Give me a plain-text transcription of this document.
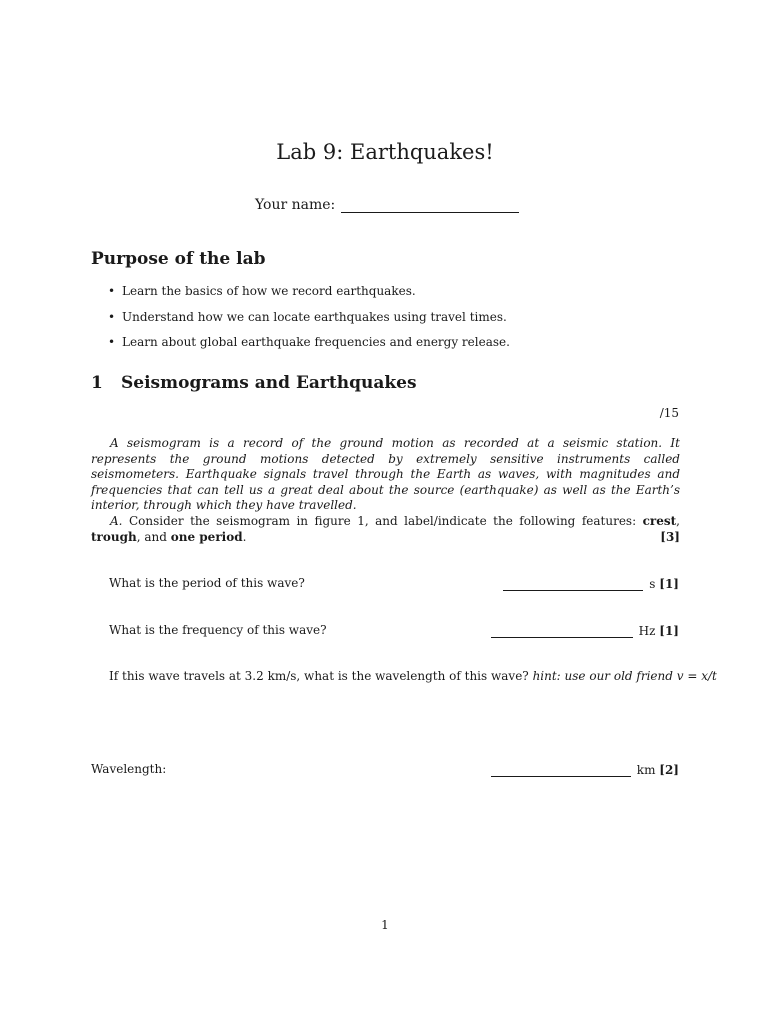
Lab 9: Earthquakes!
Your name:
Purpose of the lab
• Learn the basics of how we record earthquakes.
• Understand how we can locate earthquakes using travel times.
• Learn about global earthquake frequencies and energy release.
1 Seismograms and Earthquakes
/15
A seismogram is a record of the ground motion as recorded at a seismic station. It represents the ground motions detected by extremely sensitive instruments called seismometers. Earthquake signals travel through the Earth as waves, with magnitudes and frequencies that can tell us a great deal about the source (earthquake) as well as the Earth’s interior, through which they have travelled.
A. Consider the seismogram in figure 1, and label/indicate the following features: crest, trough, and one period.	[3]
What is the period of this wave?	s
[1]
What is the frequency of this wave?	Hz
[1]
If this wave travels at 3.2 km/s, what is the wavelength of this wave? hint: use our old friend v = x/t
Wavelength:	km
[2]
1
